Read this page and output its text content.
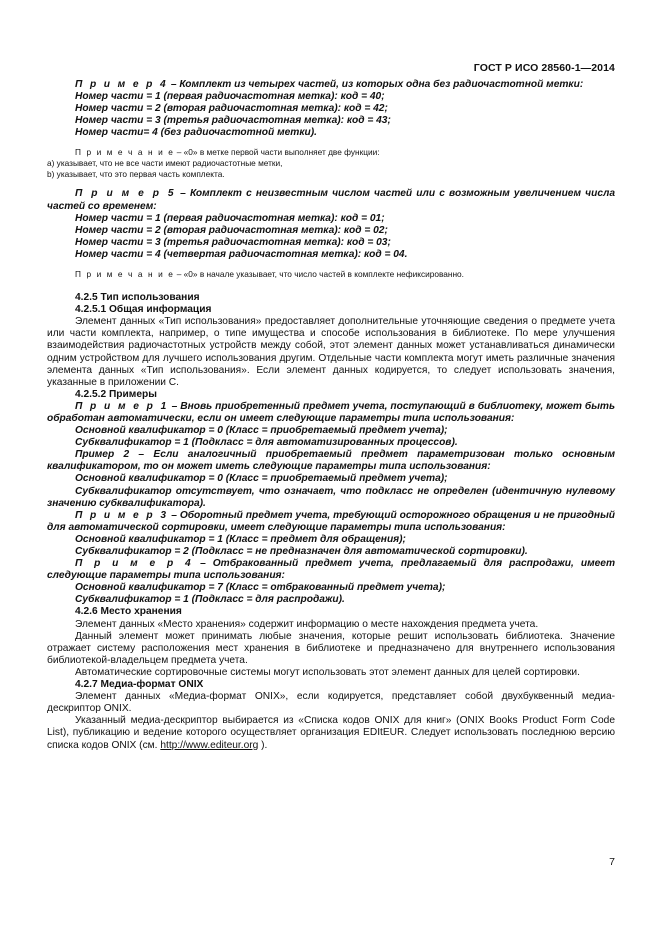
ГОСТ Р ИСО 28560-1—2014

П р и м е р 4 – Комплект из четырех частей, из которых одна без радиочастотной метки:

Номер части = 1 (первая радиочастотная метка): код = 40;

Номер части = 2 (вторая радиочастотная метка): код = 42;

Номер части = 3 (третья радиочастотная метка): код = 43;

Номер части= 4 (без радиочастотной метки).

П р и м е ч а н и е – «0» в метке первой части выполняет две функции:

a) указывает, что не все части имеют радиочастотные метки,

b) указывает, что это первая часть комплекта.

П р и м е р 5 – Комплект с неизвестным числом частей или с возможным увеличением числа частей со временем:

Номер части = 1 (первая радиочастотная метка): код = 01;

Номер части = 2 (вторая радиочастотная метка): код = 02;

Номер части = 3 (третья радиочастотная метка): код = 03;

Номер части = 4 (четвертая радиочастотная метка): код = 04.

П р и м е ч а н и е – «0» в начале указывает, что число частей в комплекте нефиксированно.

4.2.5 Тип использования

4.2.5.1 Общая информация

Элемент данных «Тип использования» предоставляет дополнительные уточняющие сведения о предмете учета или части комплекта, например, о типе имущества и способе использования в библиотеке. По мере улучшения взаимодействия радиочастотных устройств между собой, этот элемент данных может устанавливаться динамически одним устройством для лучшего использования другим. Отдельные части комплекта могут иметь различные значения элемента данных «Тип использования». Если элемент данных кодируется, то следует использовать значения, указанные в приложении С.

4.2.5.2 Примеры

П р и м е р 1 – Вновь приобретенный предмет учета, поступающий в библиотеку, может быть обработан автоматически, если он имеет следующие параметры типа использования:

Основной квалификатор = 0 (Класс = приобретаемый предмет учета);

Субквалификатор = 1 (Подкласс = для автоматизированных процессов).

Пример 2 – Если аналогичный приобретаемый предмет параметризован только основным квалификатором, то он может иметь следующие параметры типа использования:

Основной квалификатор = 0 (Класс = приобретаемый предмет учета);

Субквалификатор отсутствует, что означает, что подкласс не определен (идентичную нулевому значению субквалификатора).

П р и м е р 3 – Оборотный предмет учета, требующий осторожного обращения и не пригодный для автоматической сортировки, имеет следующие параметры типа использования:

Основной квалификатор = 1 (Класс = предмет для обращения);

Субквалификатор = 2 (Подкласс = не предназначен для автоматической сортировки).

П р и м е р 4 – Отбракованный предмет учета, предлагаемый для распродажи, имеет следующие параметры типа использования:

Основной квалификатор = 7 (Класс = отбракованный предмет учета);

Субквалификатор = 1 (Подкласс = для распродажи).

4.2.6 Место хранения

Элемент данных «Место хранения» содержит информацию о месте нахождения предмета учета.

Данный элемент может принимать любые значения, которые решит использовать библиотека. Значение отражает систему расположения мест хранения в библиотеке и предназначено для внутреннего использования библиотекой-владельцем предмета учета.

Автоматические сортировочные системы могут использовать этот элемент данных для целей сортировки.

4.2.7 Медиа-формат ONIX

Элемент данных «Медиа-формат ONIX», если кодируется, представляет собой двухбуквенный медиа-дескриптор ONIX.

Указанный медиа-дескриптор выбирается из «Списка кодов ONIX для книг» (ONIX Books Product Form Code List), публикацию и ведение которого осуществляет организация EDItEUR. Следует использовать последнюю версию списка кодов ONIX (см. http://www.editeur.org ).

7
